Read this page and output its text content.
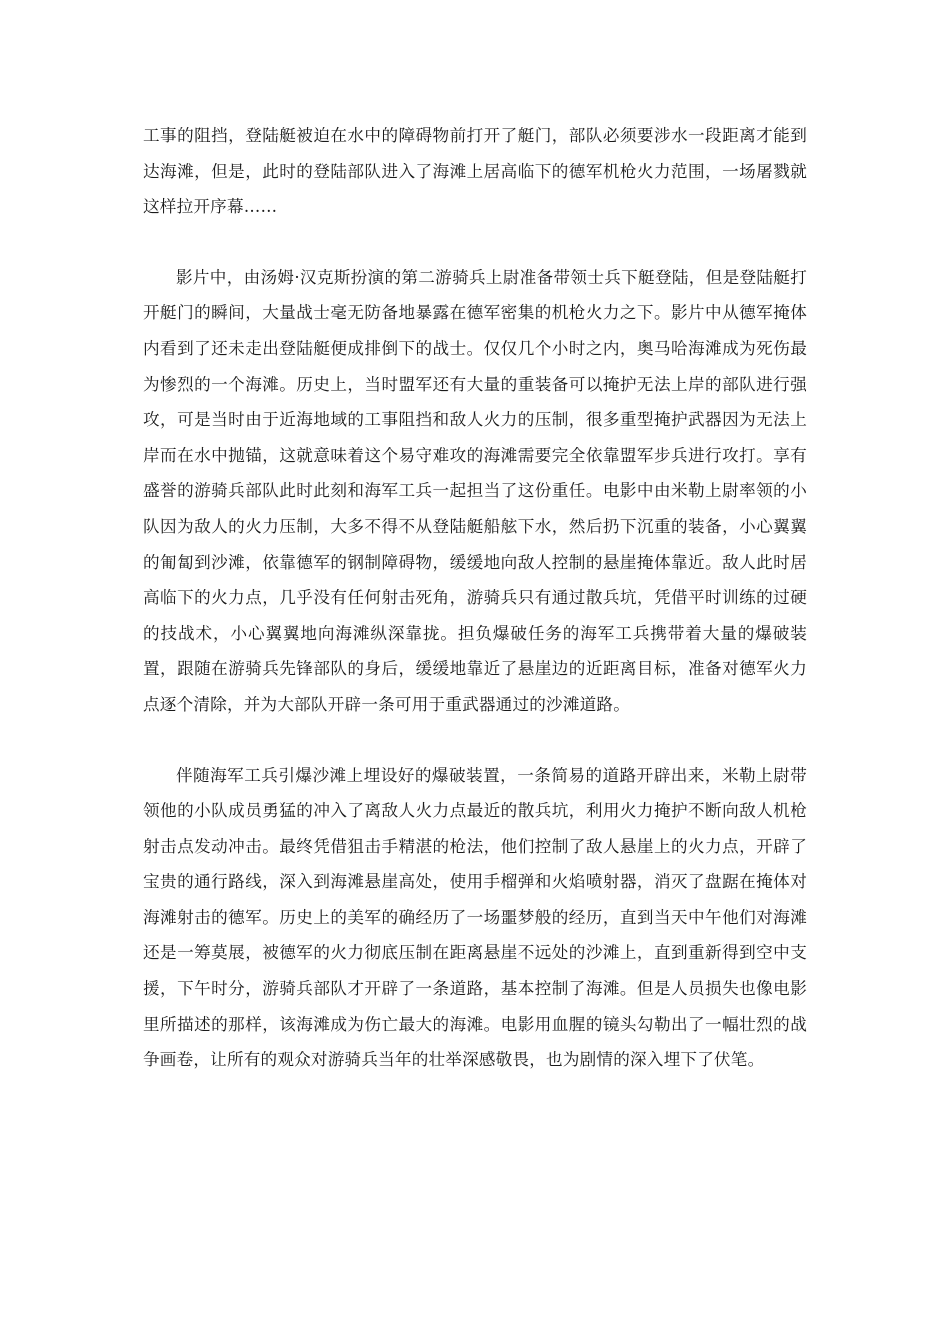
工事的阻挡，登陆艇被迫在水中的障碍物前打开了艇门，部队必须要涉水一段距离才能到达海滩，但是，此时的登陆部队进入了海滩上居高临下的德军机枪火力范围，一场屠戮就这样拉开序幕……

影片中，由汤姆·汉克斯扮演的第二游骑兵上尉准备带领士兵下艇登陆，但是登陆艇打开艇门的瞬间，大量战士毫无防备地暴露在德军密集的机枪火力之下。影片中从德军掩体内看到了还未走出登陆艇便成排倒下的战士。仅仅几个小时之内，奥马哈海滩成为死伤最为惨烈的一个海滩。历史上，当时盟军还有大量的重装备可以掩护无法上岸的部队进行强攻，可是当时由于近海地域的工事阻挡和敌人火力的压制，很多重型掩护武器因为无法上岸而在水中抛锚，这就意味着这个易守难攻的海滩需要完全依靠盟军步兵进行攻打。享有盛誉的游骑兵部队此时此刻和海军工兵一起担当了这份重任。电影中由米勒上尉率领的小队因为敌人的火力压制，大多不得不从登陆艇船舷下水，然后扔下沉重的装备，小心翼翼的匍匐到沙滩，依靠德军的钢制障碍物，缓缓地向敌人控制的悬崖掩体靠近。敌人此时居高临下的火力点，几乎没有任何射击死角，游骑兵只有通过散兵坑，凭借平时训练的过硬的技战术，小心翼翼地向海滩纵深靠拢。担负爆破任务的海军工兵携带着大量的爆破装置，跟随在游骑兵先锋部队的身后，缓缓地靠近了悬崖边的近距离目标，准备对德军火力点逐个清除，并为大部队开辟一条可用于重武器通过的沙滩道路。

伴随海军工兵引爆沙滩上埋设好的爆破装置，一条简易的道路开辟出来，米勒上尉带领他的小队成员勇猛的冲入了离敌人火力点最近的散兵坑，利用火力掩护不断向敌人机枪射击点发动冲击。最终凭借狙击手精湛的枪法，他们控制了敌人悬崖上的火力点，开辟了宝贵的通行路线，深入到海滩悬崖高处，使用手榴弹和火焰喷射器，消灭了盘踞在掩体对海滩射击的德军。历史上的美军的确经历了一场噩梦般的经历，直到当天中午他们对海滩还是一筹莫展，被德军的火力彻底压制在距离悬崖不远处的沙滩上，直到重新得到空中支援，下午时分，游骑兵部队才开辟了一条道路，基本控制了海滩。但是人员损失也像电影里所描述的那样，该海滩成为伤亡最大的海滩。电影用血腥的镜头勾勒出了一幅壮烈的战争画卷，让所有的观众对游骑兵当年的壮举深感敬畏，也为剧情的深入埋下了伏笔。
